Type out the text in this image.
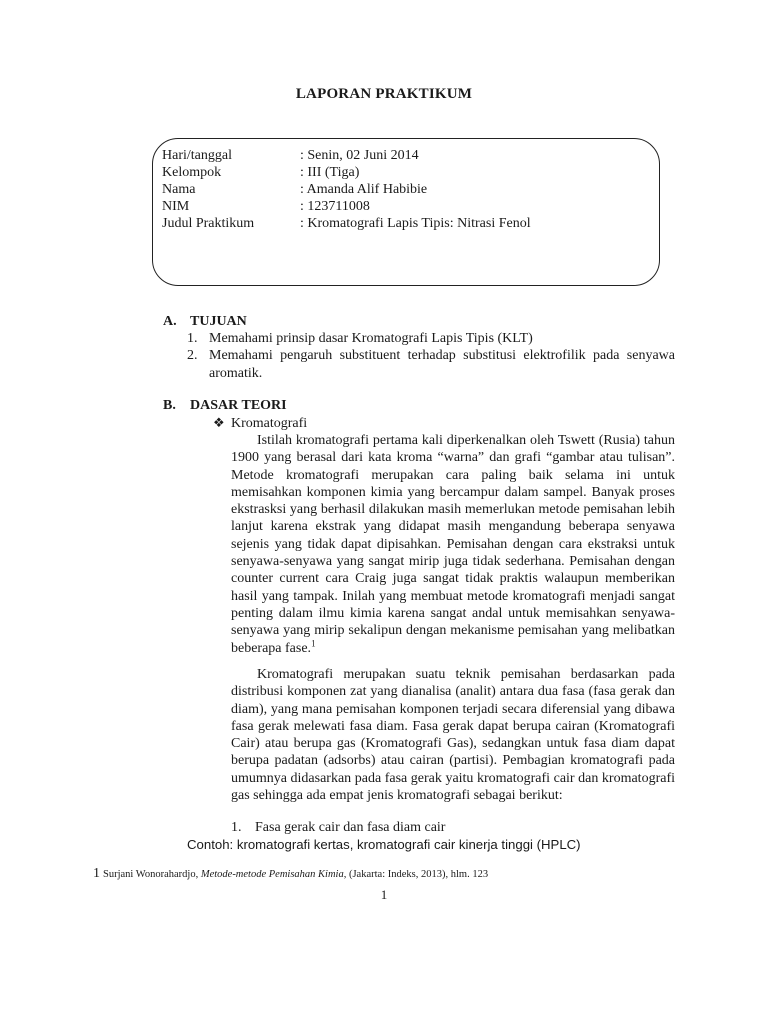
LAPORAN PRAKTIKUM
Hari/tanggal	: Senin, 02 Juni 2014
Kelompok	: III (Tiga)
Nama	: Amanda Alif Habibie
NIM	: 123711008
Judul Praktikum	: Kromatografi Lapis Tipis: Nitrasi Fenol
A. TUJUAN
1. Memahami prinsip dasar Kromatografi Lapis Tipis (KLT)
2. Memahami pengaruh substituent terhadap substitusi elektrofilik pada senyawa aromatik.
B. DASAR TEORI
❖ Kromatografi

Istilah kromatografi pertama kali diperkenalkan oleh Tswett (Rusia) tahun 1900 yang berasal dari kata kroma “warna” dan grafi “gambar atau tulisan”. Metode kromatografi merupakan cara paling baik selama ini untuk memisahkan komponen kimia yang bercampur dalam sampel. Banyak proses ekstrasksi yang berhasil dilakukan masih memerlukan metode pemisahan lebih lanjut karena ekstrak yang didapat masih mengandung beberapa senyawa sejenis yang tidak dapat dipisahkan. Pemisahan dengan cara ekstraksi untuk senyawa-senyawa yang sangat mirip juga tidak sederhana. Pemisahan dengan counter current cara Craig juga sangat tidak praktis walaupun memberikan hasil yang tampak. Inilah yang membuat metode kromatografi menjadi sangat penting dalam ilmu kimia karena sangat andal untuk memisahkan senyawa-senyawa yang mirip sekalipun dengan mekanisme pemisahan yang melibatkan beberapa fase.$^1$

Kromatografi merupakan suatu teknik pemisahan berdasarkan pada distribusi komponen zat yang dianalisa (analit) antara dua fasa (fasa gerak dan diam), yang mana pemisahan komponen terjadi secara diferensial yang dibawa fasa gerak melewati fasa diam. Fasa gerak dapat berupa cairan (Kromatografi Cair) atau berupa gas (Kromatografi Gas), sedangkan untuk fasa diam dapat berupa padatan (adsorbs) atau cairan (partisi). Pembagian kromatografi pada umumnya didasarkan pada fasa gerak yaitu kromatografi cair dan kromatografi gas sehingga ada empat jenis kromatografi sebagai berikut:

1. Fasa gerak cair dan fasa diam cair
Contoh: kromatografi kertas, kromatografi cair kinerja tinggi (HPLC)
1 Surjani Wonorahardjo, Metode-metode Pemisahan Kimia, (Jakarta: Indeks, 2013), hlm. 123
1
